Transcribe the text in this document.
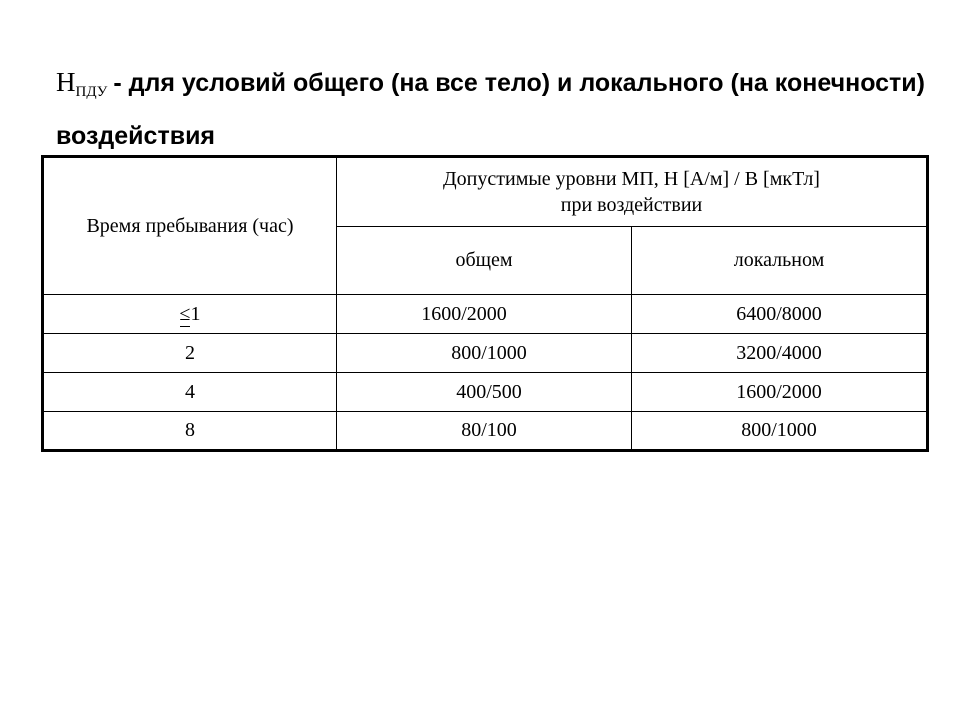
$H_{ПДУ}$ - для условий общего (на все тело) и локального (на конечности) воздействия
Время пребывания (час)	Допустимые уровни МП, Н [А/м] / В [мкТл]
при воздействии	

	общем	локальном
≤1	1600/2000	6400/8000
2	800/1000	3200/4000
4	400/500	1600/2000
8	80/100	800/1000
